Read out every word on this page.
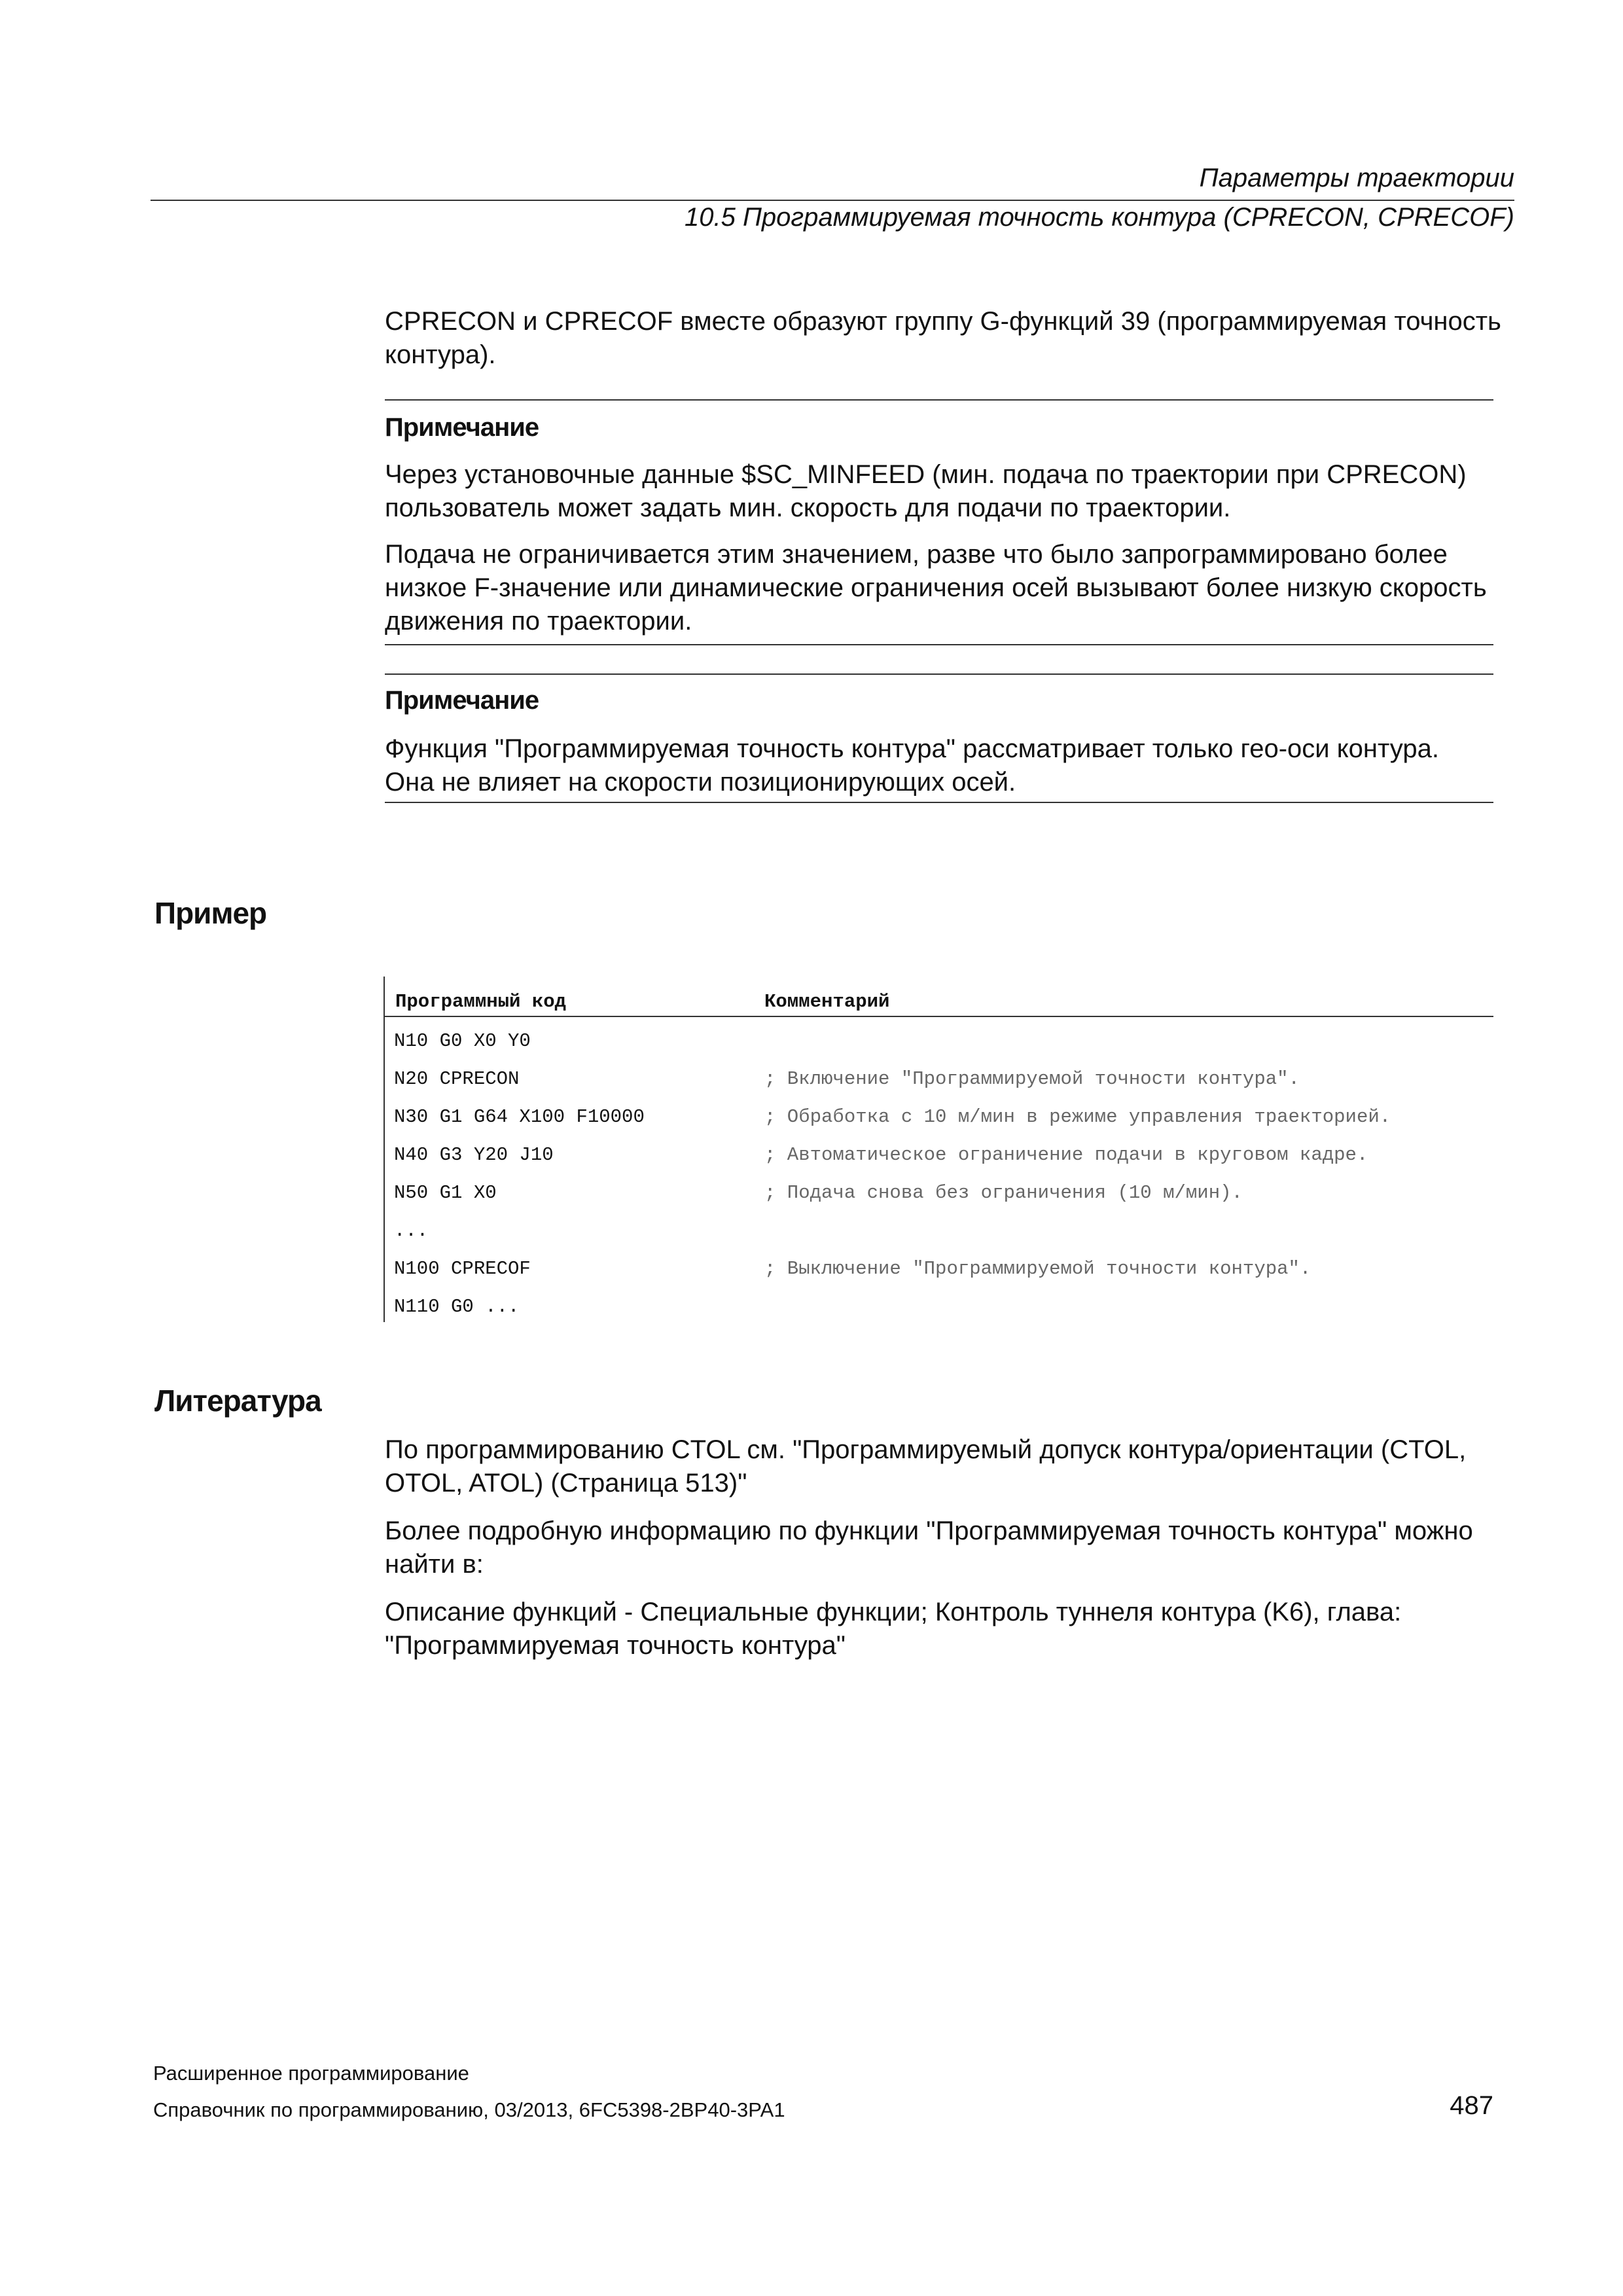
Параметры траектории
10.5 Программируемая точность контура (CPRECON, CPRECOF)

CPRECON и CPRECOF вместе образуют группу G-функций 39 (программируемая точность контура).

Примечание

Через установочные данные $SC_MINFEED (мин. подача по траектории при CPRECON) пользователь может задать мин. скорость для подачи по траектории.

Подача не ограничивается этим значением, разве что было запрограммировано более низкое F-значение или динамические ограничения осей вызывают более низкую скорость движения по траектории.

Примечание

Функция "Программируемая точность контура" рассматривает только гео-оси контура. Она не влияет на скорости позиционирующих осей.

Пример
Программный код	Комментарий
N10 G0 X0 Y0
N20 CPRECON	; Включение "Программируемой точности контура".
N30 G1 G64 X100 F10000	; Обработка с 10 м/мин в режиме управления траекторией.
N40 G3 Y20 J10	; Автоматическое ограничение подачи в круговом кадре.
N50 G1 X0	; Подача снова без ограничения (10 м/мин).
...
N100 CPRECOF	; Выключение "Программируемой точности контура".
N110 G0 ...
Литература

По программированию CTOL см. "Программируемый допуск контура/ориентации (CTOL, OTOL, ATOL) (Страница 513)"

Более подробную информацию по функции "Программируемая точность контура" можно найти в:

Описание функций - Специальные функции; Контроль туннеля контура (K6), глава: "Программируемая точность контура"

Расширенное программирование
Справочник по программированию, 03/2013, 6FC5398-2BP40-3PA1	487
